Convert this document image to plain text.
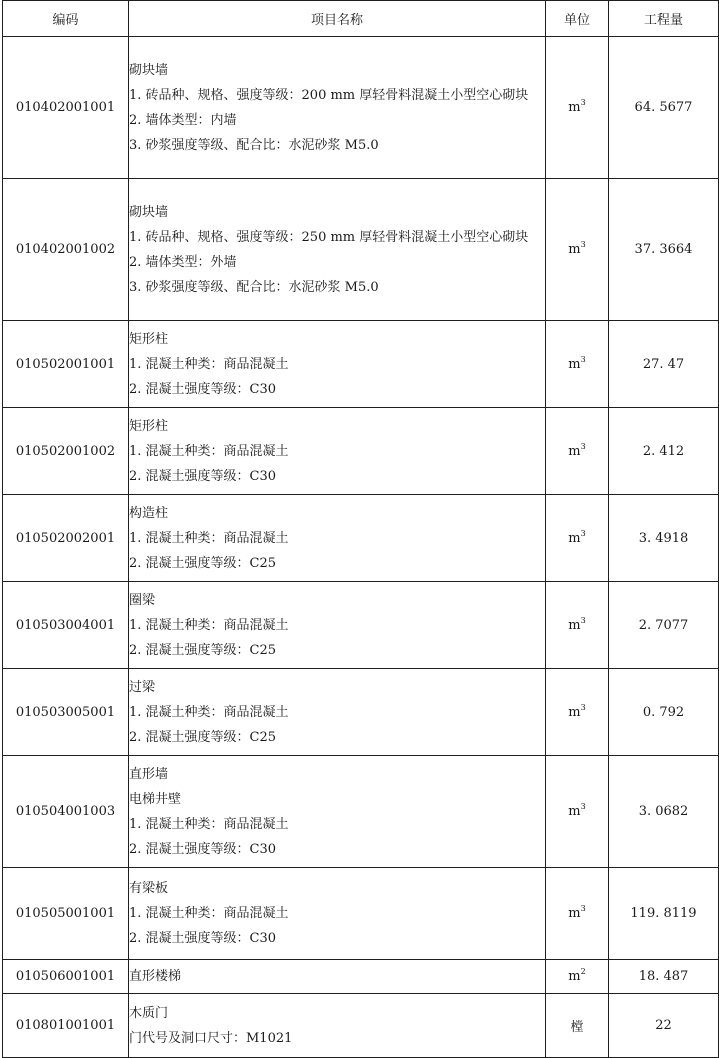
编码	项目名称	单位	工程量
010402001001	砌块墙
1. 砖品种、规格、强度等级：200 mm 厚轻骨料混凝土小型空心砌块
2. 墙体类型：内墙
3. 砂浆强度等级、配合比：水泥砂浆 M5.0	$m^3$	64. 5677
010402001002	砌块墙
1. 砖品种、规格、强度等级：250 mm 厚轻骨料混凝土小型空心砌块
2. 墙体类型：外墙
3. 砂浆强度等级、配合比：水泥砂浆 M5.0	$m^3$	37. 3664
010502001001	矩形柱
1. 混凝土种类：商品混凝土
2. 混凝土强度等级：C30	$m^3$	27. 47
010502001002	矩形柱
1. 混凝土种类：商品混凝土
2. 混凝土强度等级：C30	$m^3$	2. 412
010502002001	构造柱
1. 混凝土种类：商品混凝土
2. 混凝土强度等级：C25	$m^3$	3. 4918
010503004001	圈梁
1. 混凝土种类：商品混凝土
2. 混凝土强度等级：C25	$m^3$	2. 7077
010503005001	过梁
1. 混凝土种类：商品混凝土
2. 混凝土强度等级：C25	$m^3$	0. 792
010504001003	直形墙
电梯井壁
1. 混凝土种类：商品混凝土
2. 混凝土强度等级：C30	$m^3$	3. 0682
010505001001	有梁板
1. 混凝土种类：商品混凝土
2. 混凝土强度等级：C30	$m^3$	119. 8119
010506001001	直形楼梯	$m^2$	18. 487
010801001001	木质门
门代号及洞口尺寸：M1021	樘	22
